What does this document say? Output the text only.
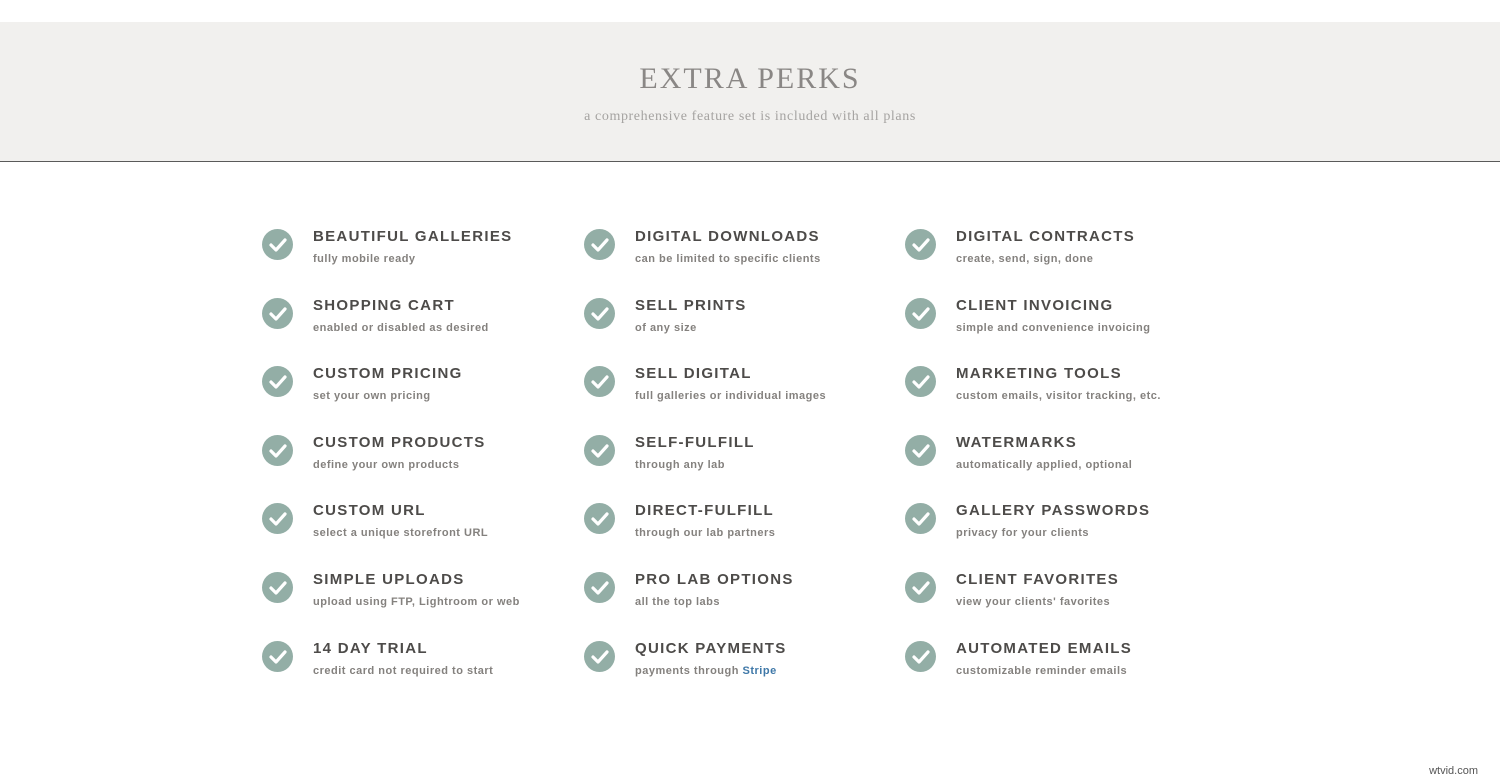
EXTRA PERKS
a comprehensive feature set is included with all plans
BEAUTIFUL GALLERIES
fully mobile ready
SHOPPING CART
enabled or disabled as desired
CUSTOM PRICING
set your own pricing
CUSTOM PRODUCTS
define your own products
CUSTOM URL
select a unique storefront URL
SIMPLE UPLOADS
upload using FTP, Lightroom or web
14 DAY TRIAL
credit card not required to start
DIGITAL DOWNLOADS
can be limited to specific clients
SELL PRINTS
of any size
SELL DIGITAL
full galleries or individual images
SELF-FULFILL
through any lab
DIRECT-FULFILL
through our lab partners
PRO LAB OPTIONS
all the top labs
QUICK PAYMENTS
payments through Stripe
DIGITAL CONTRACTS
create, send, sign, done
CLIENT INVOICING
simple and convenience invoicing
MARKETING TOOLS
custom emails, visitor tracking, etc.
WATERMARKS
automatically applied, optional
GALLERY PASSWORDS
privacy for your clients
CLIENT FAVORITES
view your clients' favorites
AUTOMATED EMAILS
customizable reminder emails
wtvid.com
